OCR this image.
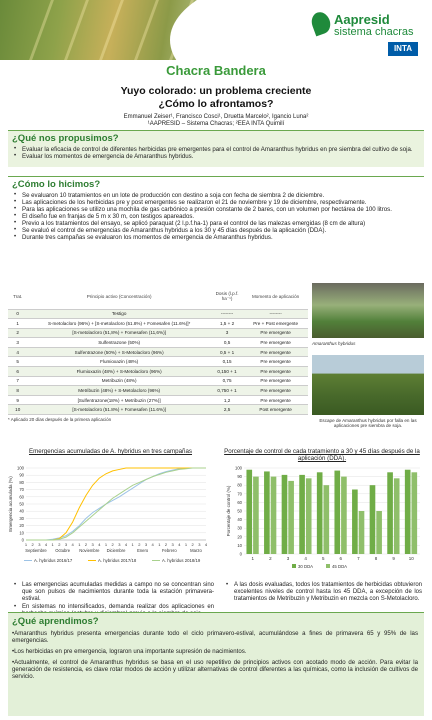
Aapresid
sistema chacras
INTA
Chacra Bandera
Yuyo colorado: un problema creciente
¿Cómo lo afrontamos?
Emmanuel Zeiser¹, Francisco Cosci¹, Druetta Marcelo², Igancio Luna²
¹AAPRESID – Sistema Chacras; ²EEA INTA Quimilí
¿Qué nos propusimos?
• Evaluar la eficacia de control de diferentes herbicidas pre emergentes para el control de Amaranthus hybridus en pre siembra del cultivo de soja.
• Evaluar los momentos de emergencia de Amaranthus hybridus.
¿Cómo lo hicimos?
• Se evaluaron 10 tratamientos en un lote de producción con destino a soja con fecha de siembra 2 de diciembre.
• Las aplicaciones de los herbicidas pre y post emergentes se realizaron el 21 de noviembre y 19 de diciembre, respectivamente.
• Para las aplicaciones se utilizo una mochila de gas carbónico a presión constante de 2 bares, con un volumen por hectárea de 100 litros.
• El diseño fue en franjas de 5 m x 30 m, con testigos apareados.
• Previo a los tratamientos del ensayo, se aplicó paraquat (2 l.p.f.ha-1) para el control de las malezas emergidas (8 cm de altura)
• Se evaluó el control de emergencias de Amaranthus hybridus a los 30 y 45 días después de la aplicación (DDA).
• Durante tres campañas se evaluaron los momentos de emergencia de Amaranthus hybridus.
Trat.	Principio activo (Concentración)	Dosis (l.p.f. ha⁻¹)	Momento de aplicación
0	Testigo	--------	--------
1	S-metolacloro (96%) + [S-metolacloro (51.8%) + Fomesafen (11.6%)]*	1,5 + 2	Pre + Post emergente
2	[S-metolacloro (51,8%) + Fomesafen (11,6%)]	3	Pre emergente
3	Sulfentrazone (50%)	0,5	Pre emergente
4	Sulfentrazone (50%) + S-Metolacloro (96%)	0,5 + 1	Pre emergente
5	Flumioxazin (48%)	0,15	Pre emergente
6	Flumioxazin (48%) + S-Metolacloro (96%)	0,150 + 1	Pre emergente
7	Metribuzin (48%)	0,75	Pre emergente
8	Metribuzin (48%) + S-Metolacloro (96%)	0,750 + 1	Pre emergente
9	[Sulfentrazone(18%) + Metribuzin (27%)]	1,2	Pre emergente
10	[S-metolacloro (51.8%) + Fomesafen (11.6%)]	2,5	Post emergente
* Aplicado 20 días después de la primera aplicación
Amaranthus hybridus
Escape de Amaranthus hybridus por falla en las aplicaciones pre siembra de soja.
Emergencias acumuladas de A. hybridus en tres campañas
0
10
20
30
40
50
60
70
80
90
100
Emergencia acumulada (%)
1 2 3 4 1 2 3 4 1 2 3 4 1 2 3 4 1 2 3 4 1 2 3 4 1 2 3 4
Septiembre Octubre Noviembre Diciembre	Enero	Febrero	Marzo
A. hybridus 2016/17	A. hybridus 2017/18	A. hybridus 2018/19
Porcentaje de control de cada tratamiento a 30 y 45 días después de la aplicación (DDA).
0
10
20
30
40
50
60
70
80
90
100
Porcentaje de control (%)
1	2	3	4	5	6	7	8	9	10
30 DDA	45 DDA
• Las emergencias acumuladas medidas a campo no se concentran sino que son pulsos de nacimientos durante toda la estación primavera-estival.
• En sistemas no intensificados, demanda realizar dos aplicaciones en
• A las dosis evaluadas, todos los tratamientos de herbicidas obtuvieron excelentes niveles de control hasta los 45 DDA, a excepción de los tratamientos de Metribuzin y Metribuzin en mezcla con S-Metolacloro.
¿Qué aprendimos?

•Amaranthus hybridus presenta emergencias durante todo el ciclo primavero-estival, acumulándose a fines de primavera 65 y 95% de las emergencias.

•Los herbicidas en pre emergencia, lograron una importante supresión de nacimientos.

•Actualmente, el control de Amaranthus hybridus se basa en el uso repetitivo de principios activos con acotado modo de acción. Para evitar la generación de resistencia, es clave rotar modos de acción y utilizar alternativas de control diferentes a las químicas, como la inclusión de cultivos de servicio.
